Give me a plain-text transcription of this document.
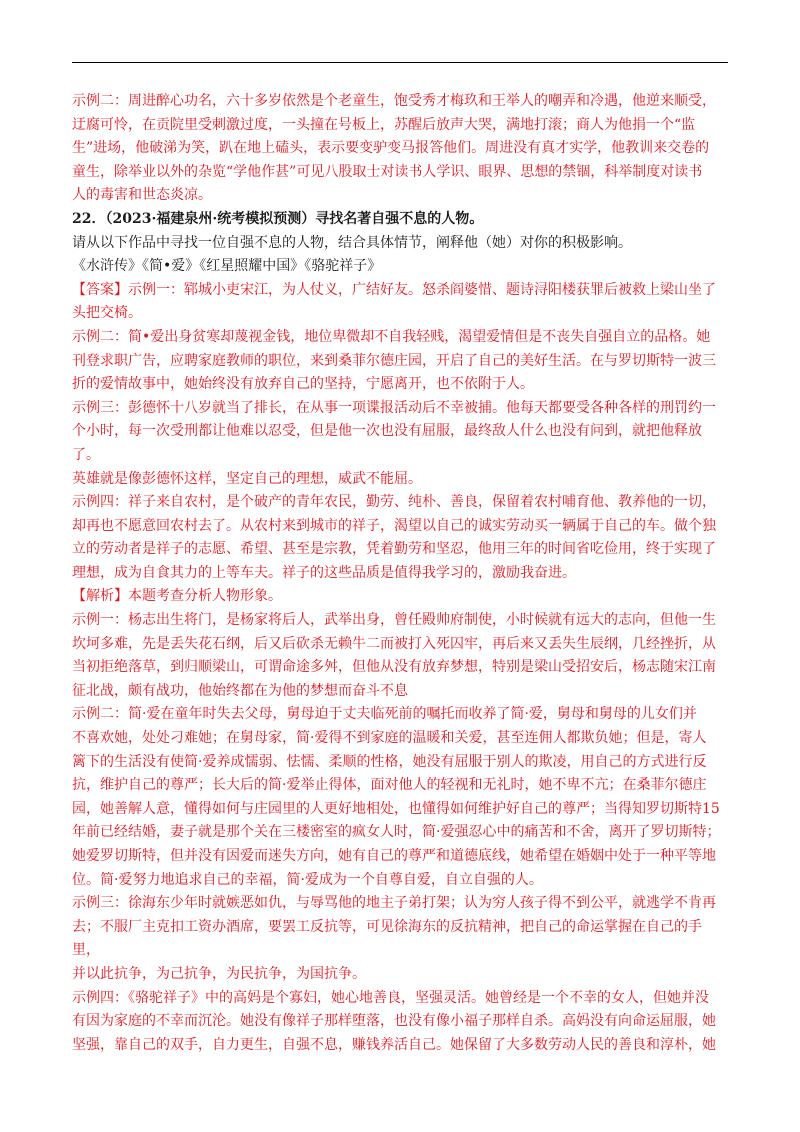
示例二：周进醉心功名，六十多岁依然是个老童生，饱受秀才梅玖和王举人的嘲弄和冷遇，他逆来顺受，

迂腐可怜，在贡院里受刺激过度，一头撞在号板上，苏醒后放声大哭，满地打滚；商人为他捐一个“监

生”进场，他破涕为笑，趴在地上磕头，表示要变驴变马报答他们。周进没有真才实学，他教训来交卷的

童生，除举业以外的杂览“学他作甚”可见八股取士对读书人学识、眼界、思想的禁锢，科举制度对读书

人的毒害和世态炎凉。

22．（2023·福建泉州·统考模拟预测）寻找名著自强不息的人物。

请从以下作品中寻找一位自强不息的人物，结合具体情节，阐释他（她）对你的积极影响。

《水浒传》《简•爱》《红星照耀中国》《骆驼祥子》

【答案】示例一：郓城小吏宋江，为人仗义，广结好友。怒杀阎婆惜、题诗浔阳楼获罪后被救上梁山坐了

头把交椅。

示例二：简•爱出身贫寒却蔑视金钱，地位卑微却不自我轻贱，渴望爱情但是不丧失自强自立的品格。她

刊登求职广告，应聘家庭教师的职位，来到桑菲尔德庄园，开启了自己的美好生活。在与罗切斯特一波三

折的爱情故事中，她始终没有放弃自己的坚持，宁愿离开，也不依附于人。

示例三：彭德怀十八岁就当了排长，在从事一项谍报活动后不幸被捕。他每天都要受各种各样的刑罚约一

个小时，每一次受刑都让他难以忍受，但是他一次也没有屈服，最终敌人什么也没有问到，就把他释放了。

英雄就是像彭德怀这样，坚定自己的理想，威武不能屈。

示例四：祥子来自农村，是个破产的青年农民，勤劳、纯朴、善良，保留着农村哺育他、教养他的一切，

却再也不愿意回农村去了。从农村来到城市的祥子，渴望以自己的诚实劳动买一辆属于自己的车。做个独

立的劳动者是祥子的志愿、希望、甚至是宗教，凭着勤劳和坚忍，他用三年的时间省吃俭用，终于实现了

理想，成为自食其力的上等车夫。祥子的这些品质是值得我学习的，激励我奋进。

【解析】本题考查分析人物形象。

示例一：杨志出生将门，是杨家将后人，武举出身，曾任殿帅府制使，小时候就有远大的志向，但他一生

坎坷多难，先是丢失花石纲，后又后砍杀无赖牛二而被打入死囚牢，再后来又丢失生辰纲，几经挫折，从

当初拒绝落草，到归顺梁山，可谓命途多舛，但他从没有放弃梦想，特别是梁山受招安后，杨志随宋江南

征北战，颇有战功，他始终都在为他的梦想而奋斗不息

示例二：简·爱在童年时失去父母，舅母迫于丈夫临死前的嘱托而收养了简·爱，舅母和舅母的儿女们并

不喜欢她，处处刁难她；在舅母家，简·爱得不到家庭的温暖和关爱，甚至连佣人都欺负她；但是，寄人

篱下的生活没有使简·爱养成懦弱、怯懦、柔顺的性格，她没有屈服于别人的欺凌，用自己的方式进行反

抗，维护自己的尊严；长大后的简·爱举止得体，面对他人的轻视和无礼时，她不卑不亢；在桑菲尔德庄

园，她善解人意，懂得如何与庄园里的人更好地相处，也懂得如何维护好自己的尊严；当得知罗切斯特15

年前已经结婚，妻子就是那个关在三楼密室的疯女人时，简·爱强忍心中的痛苦和不舍，离开了罗切斯特；

她爱罗切斯特，但并没有因爱而迷失方向，她有自己的尊严和道德底线，她希望在婚姻中处于一种平等地

位。简·爱努力地追求自己的幸福，简·爱成为一个自尊自爱，自立自强的人。

示例三：徐海东少年时就嫉恶如仇，与辱骂他的地主子弟打架；认为穷人孩子得不到公平，就逃学不肯再

去；不服厂主克扣工资办酒席，要罢工反抗等，可见徐海东的反抗精神，把自己的命运掌握在自己的手里，

并以此抗争，为己抗争，为民抗争，为国抗争。

示例四：《骆驼祥子》中的高妈是个寡妇，她心地善良，坚强灵活。她曾经是一个不幸的女人，但她并没

有因为家庭的不幸而沉沦。她没有像祥子那样堕落，也没有像小福子那样自杀。高妈没有向命运屈服，她

坚强，靠自己的双手，自力更生，自强不息，赚钱养活自己。她保留了大多数劳动人民的善良和淳朴，她
